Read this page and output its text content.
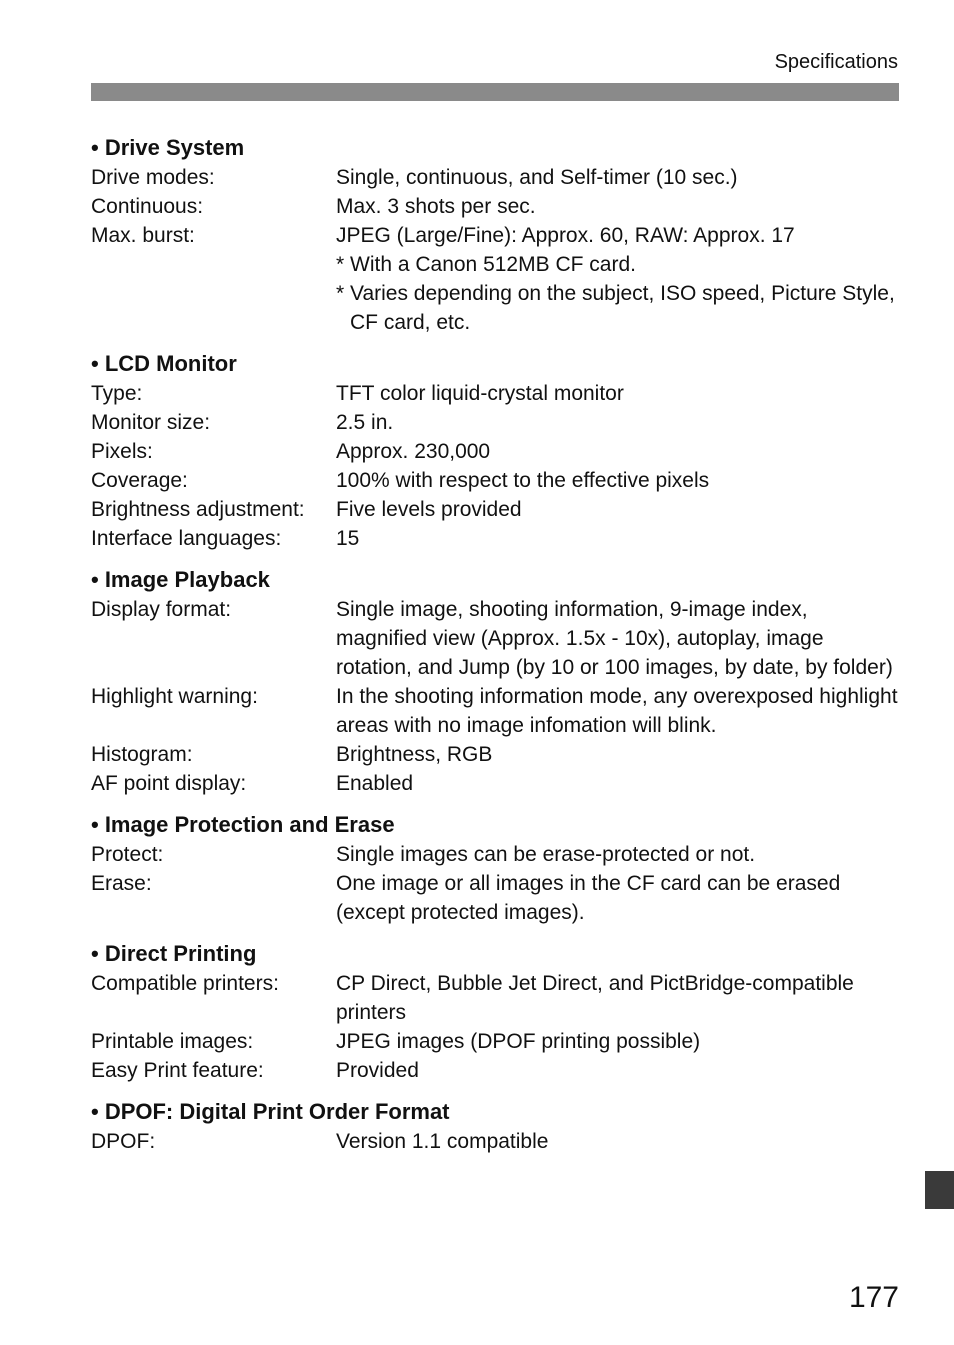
Specifications
• Drive System
Drive modes:	Single, continuous, and Self-timer (10 sec.)
Continuous:	Max. 3 shots per sec.
Max. burst:	JPEG (Large/Fine): Approx. 60, RAW: Approx. 17
* With a Canon 512MB CF card.
* Varies depending on the subject, ISO speed, Picture Style, CF card, etc.
• LCD Monitor
Type:	TFT color liquid-crystal monitor
Monitor size:	2.5 in.
Pixels:	Approx. 230,000
Coverage:	100% with respect to the effective pixels
Brightness adjustment:	Five levels provided
Interface languages:	15
• Image Playback
Display format:	Single image, shooting information, 9-image index, magnified view (Approx. 1.5x - 10x), autoplay, image rotation, and Jump (by 10 or 100 images, by date, by folder)
Highlight warning:	In the shooting information mode, any overexposed highlight areas with no image infomation will blink.
Histogram:	Brightness, RGB
AF point display:	Enabled
• Image Protection and Erase
Protect:	Single images can be erase-protected or not.
Erase:	One image or all images in the CF card can be erased (except protected images).
• Direct Printing
Compatible printers:	CP Direct, Bubble Jet Direct, and PictBridge-compatible printers
Printable images:	JPEG images (DPOF printing possible)
Easy Print feature:	Provided
• DPOF: Digital Print Order Format
DPOF:	Version 1.1 compatible
177
